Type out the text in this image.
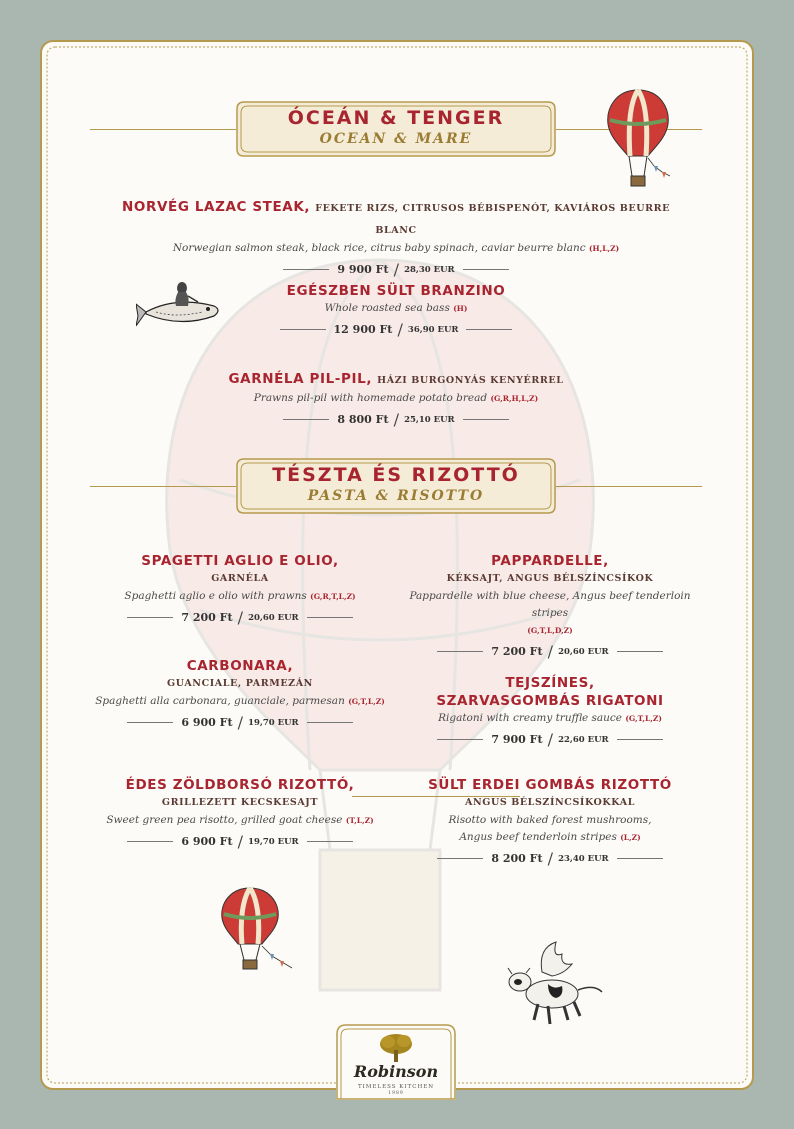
ÓCEÁN & TENGER
OCEAN & MARE
NORVÉG LAZAC STEAK, FEKETE RIZS, CITRUSOS BÉBISPENÓT, KAVIÁROS BEURRE BLANC
Norwegian salmon steak, black rice, citrus baby spinach, caviar beurre blanc (H,L,Z)
9 900 Ft / 28,30 EUR
EGÉSZBEN SÜLT BRANZINO
Whole roasted sea bass (H)
12 900 Ft / 36,90 EUR
GARNÉLA PIL-PIL, HÁZI BURGONYÁS KENYÉRREL
Prawns pil-pil with homemade potato bread (G,R,H,L,Z)
8 800 Ft / 25,10 EUR
TÉSZTA ÉS RIZOTTÓ
PASTA & RISOTTO
SPAGETTI AGLIO E OLIO,
GARNÉLA
Spaghetti aglio e olio with prawns (G,R,T,L,Z)
7 200 Ft / 20,60 EUR
PAPPARDELLE,
KÉKSAJT, ANGUS BÉLSZÍNCSÍKOK
Pappardelle with blue cheese, Angus beef tenderloin stripes
(G,T,L,D,Z)
7 200 Ft / 20,60 EUR
CARBONARA,
GUANCIALE, PARMEZÁN
Spaghetti alla carbonara, guanciale, parmesan (G,T,L,Z)
6 900 Ft / 19,70 EUR
TEJSZÍNES,
SZARVASGOMBÁS RIGATONI
Rigatoni with creamy truffle sauce (G,T,L,Z)
7 900 Ft / 22,60 EUR
ÉDES ZÖLDBORSÓ RIZOTTÓ,
GRILLEZETT KECSKESAJT
Sweet green pea risotto, grilled goat cheese (T,L,Z)
6 900 Ft / 19,70 EUR
SÜLT ERDEI GOMBÁS RIZOTTÓ
ANGUS BÉLSZÍNCSÍKOKKAL
Risotto with baked forest mushrooms,
Angus beef tenderloin stripes (L,Z)
8 200 Ft / 23,40 EUR
Robinson
TIMELESS KITCHEN
1989
